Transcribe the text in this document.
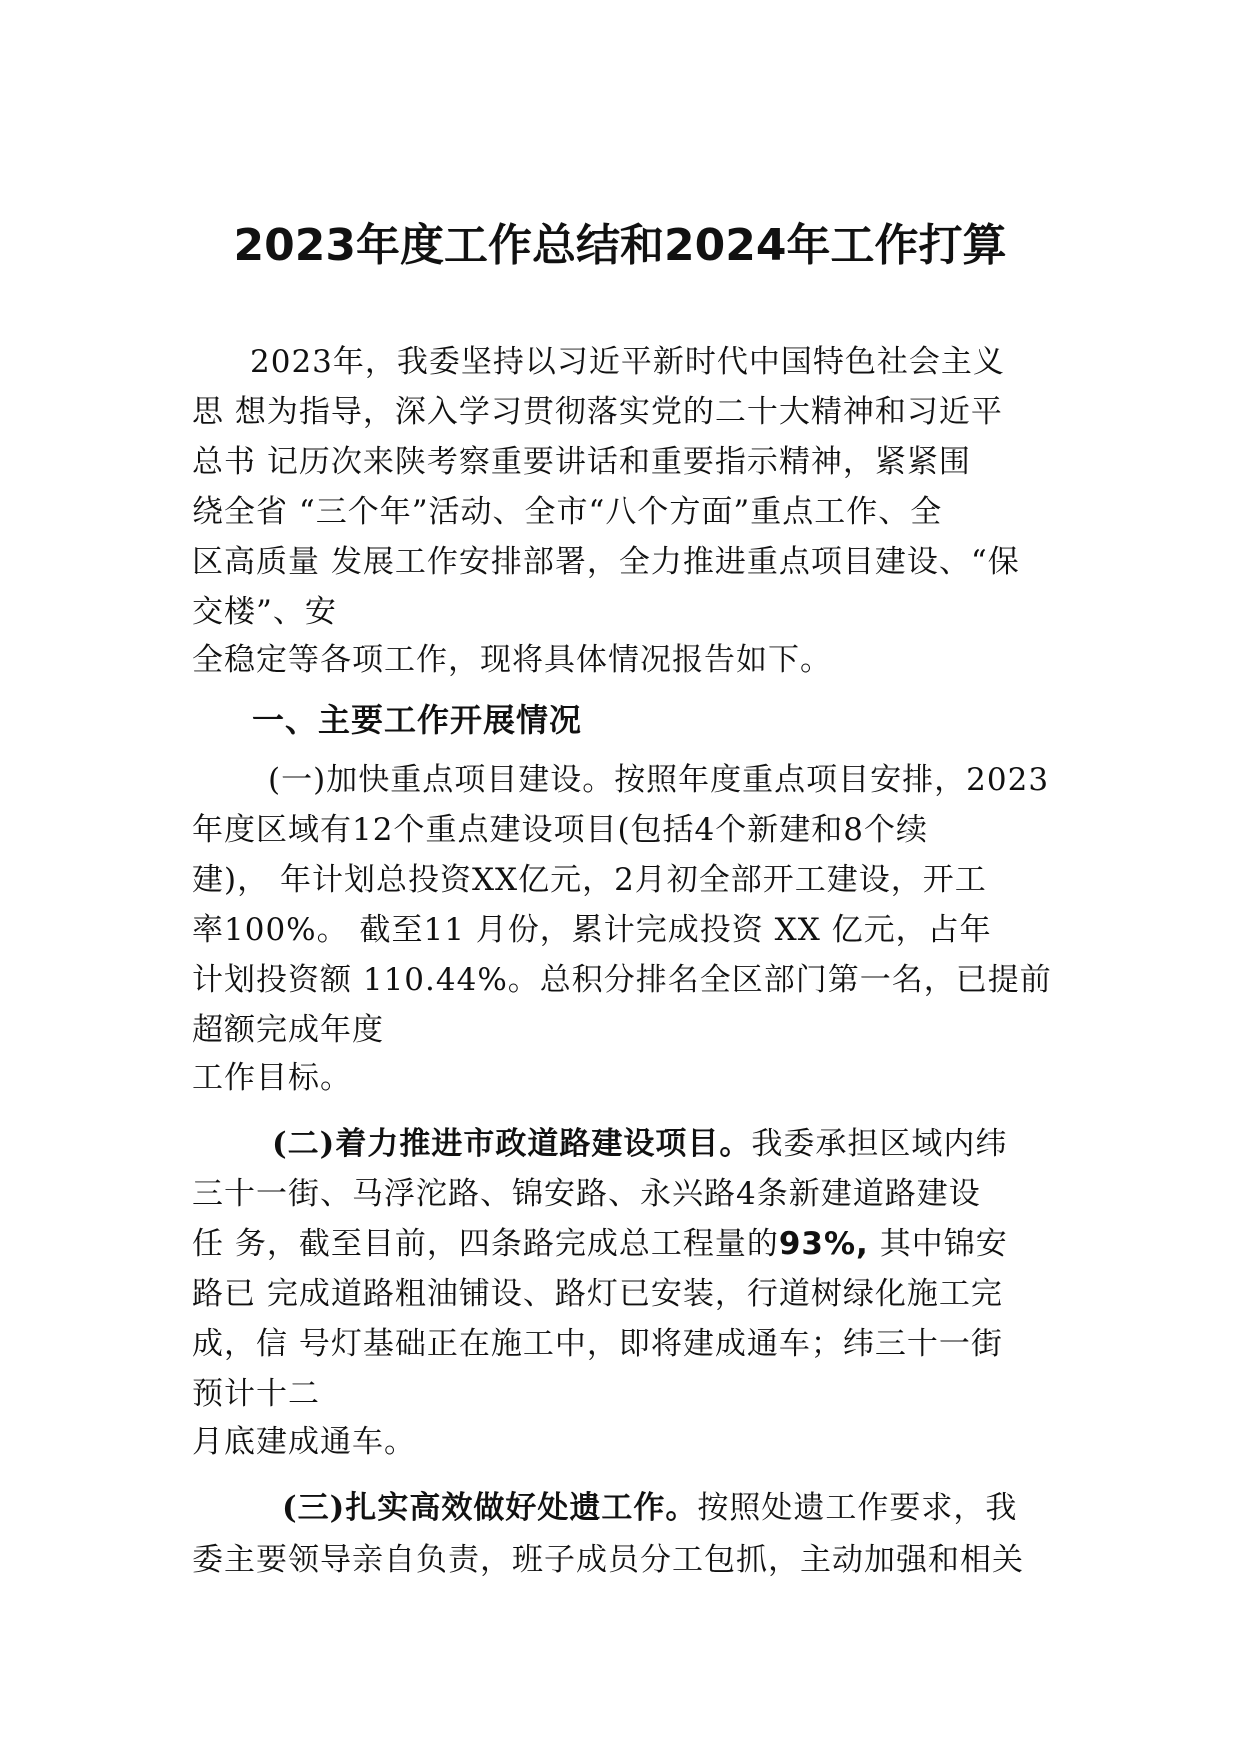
2023年度工作总结和2024年工作打算
2023年，我委坚持以习近平新时代中国特色社会主义
思 想为指导，深入学习贯彻落实党的二十大精神和习近平
总书 记历次来陕考察重要讲话和重要指示精神，紧紧围
绕全省 “三个年”活动、全市“八个方面”重点工作、全
区高质量 发展工作安排部署，全力推进重点项目建设、“保
交楼”、安
全稳定等各项工作，现将具体情况报告如下。
一、主要工作开展情况
(一)加快重点项目建设。按照年度重点项目安排，2023
年度区域有12个重点建设项目(包括4个新建和8个续
建)， 年计划总投资XX亿元，2月初全部开工建设，开工
率100%。 截至11 月份，累计完成投资 XX 亿元，占年
计划投资额 110.44%。总积分排名全区部门第一名，已提前
超额完成年度
工作目标。
(二)着力推进市政道路建设项目。我委承担区域内纬
三十一街、马浮沱路、锦安路、永兴路4条新建道路建设
任 务，截至目前，四条路完成总工程量的93%, 其中锦安
路已 完成道路粗油铺设、路灯已安装，行道树绿化施工完
成，信 号灯基础正在施工中，即将建成通车；纬三十一街
预计十二
月底建成通车。
(三)扎实高效做好处遗工作。按照处遗工作要求，我
委主要领导亲自负责，班子成员分工包抓，主动加强和相关
